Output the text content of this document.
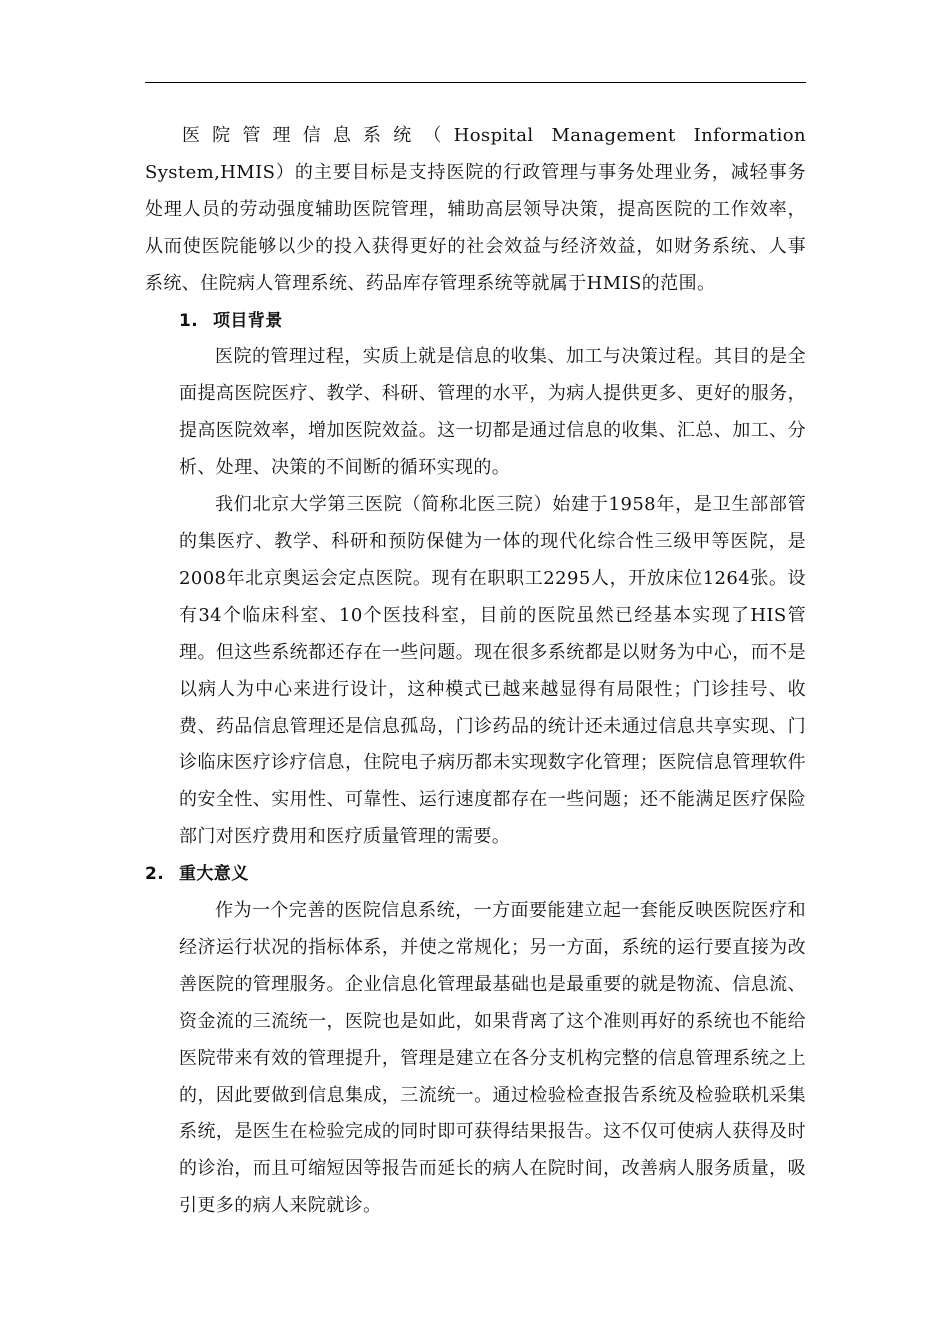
医院管理信息系统（Hospital Management Information System,HMIS）的主要目标是支持医院的行政管理与事务处理业务，减轻事务处理人员的劳动强度辅助医院管理，辅助高层领导决策，提高医院的工作效率，从而使医院能够以少的投入获得更好的社会效益与经济效益，如财务系统、人事系统、住院病人管理系统、药品库存管理系统等就属于HMIS的范围。

1. 项目背景

医院的管理过程，实质上就是信息的收集、加工与决策过程。其目的是全面提高医院医疗、教学、科研、管理的水平，为病人提供更多、更好的服务，提高医院效率，增加医院效益。这一切都是通过信息的收集、汇总、加工、分析、处理、决策的不间断的循环实现的。

我们北京大学第三医院（简称北医三院）始建于1958年，是卫生部部管的集医疗、教学、科研和预防保健为一体的现代化综合性三级甲等医院，是2008年北京奥运会定点医院。现有在职职工2295人，开放床位1264张。设有34个临床科室、10个医技科室，目前的医院虽然已经基本实现了HIS管理。但这些系统都还存在一些问题。现在很多系统都是以财务为中心，而不是以病人为中心来进行设计，这种模式已越来越显得有局限性；门诊挂号、收费、药品信息管理还是信息孤岛，门诊药品的统计还未通过信息共享实现、门诊临床医疗诊疗信息，住院电子病历都未实现数字化管理；医院信息管理软件的安全性、实用性、可靠性、运行速度都存在一些问题；还不能满足医疗保险部门对医疗费用和医疗质量管理的需要。

2. 重大意义

作为一个完善的医院信息系统，一方面要能建立起一套能反映医院医疗和经济运行状况的指标体系，并使之常规化；另一方面，系统的运行要直接为改善医院的管理服务。企业信息化管理最基础也是最重要的就是物流、信息流、资金流的三流统一，医院也是如此，如果背离了这个准则再好的系统也不能给医院带来有效的管理提升，管理是建立在各分支机构完整的信息管理系统之上的，因此要做到信息集成，三流统一。通过检验检查报告系统及检验联机采集系统，是医生在检验完成的同时即可获得结果报告。这不仅可使病人获得及时的诊治，而且可缩短因等报告而延长的病人在院时间，改善病人服务质量，吸引更多的病人来院就诊。
